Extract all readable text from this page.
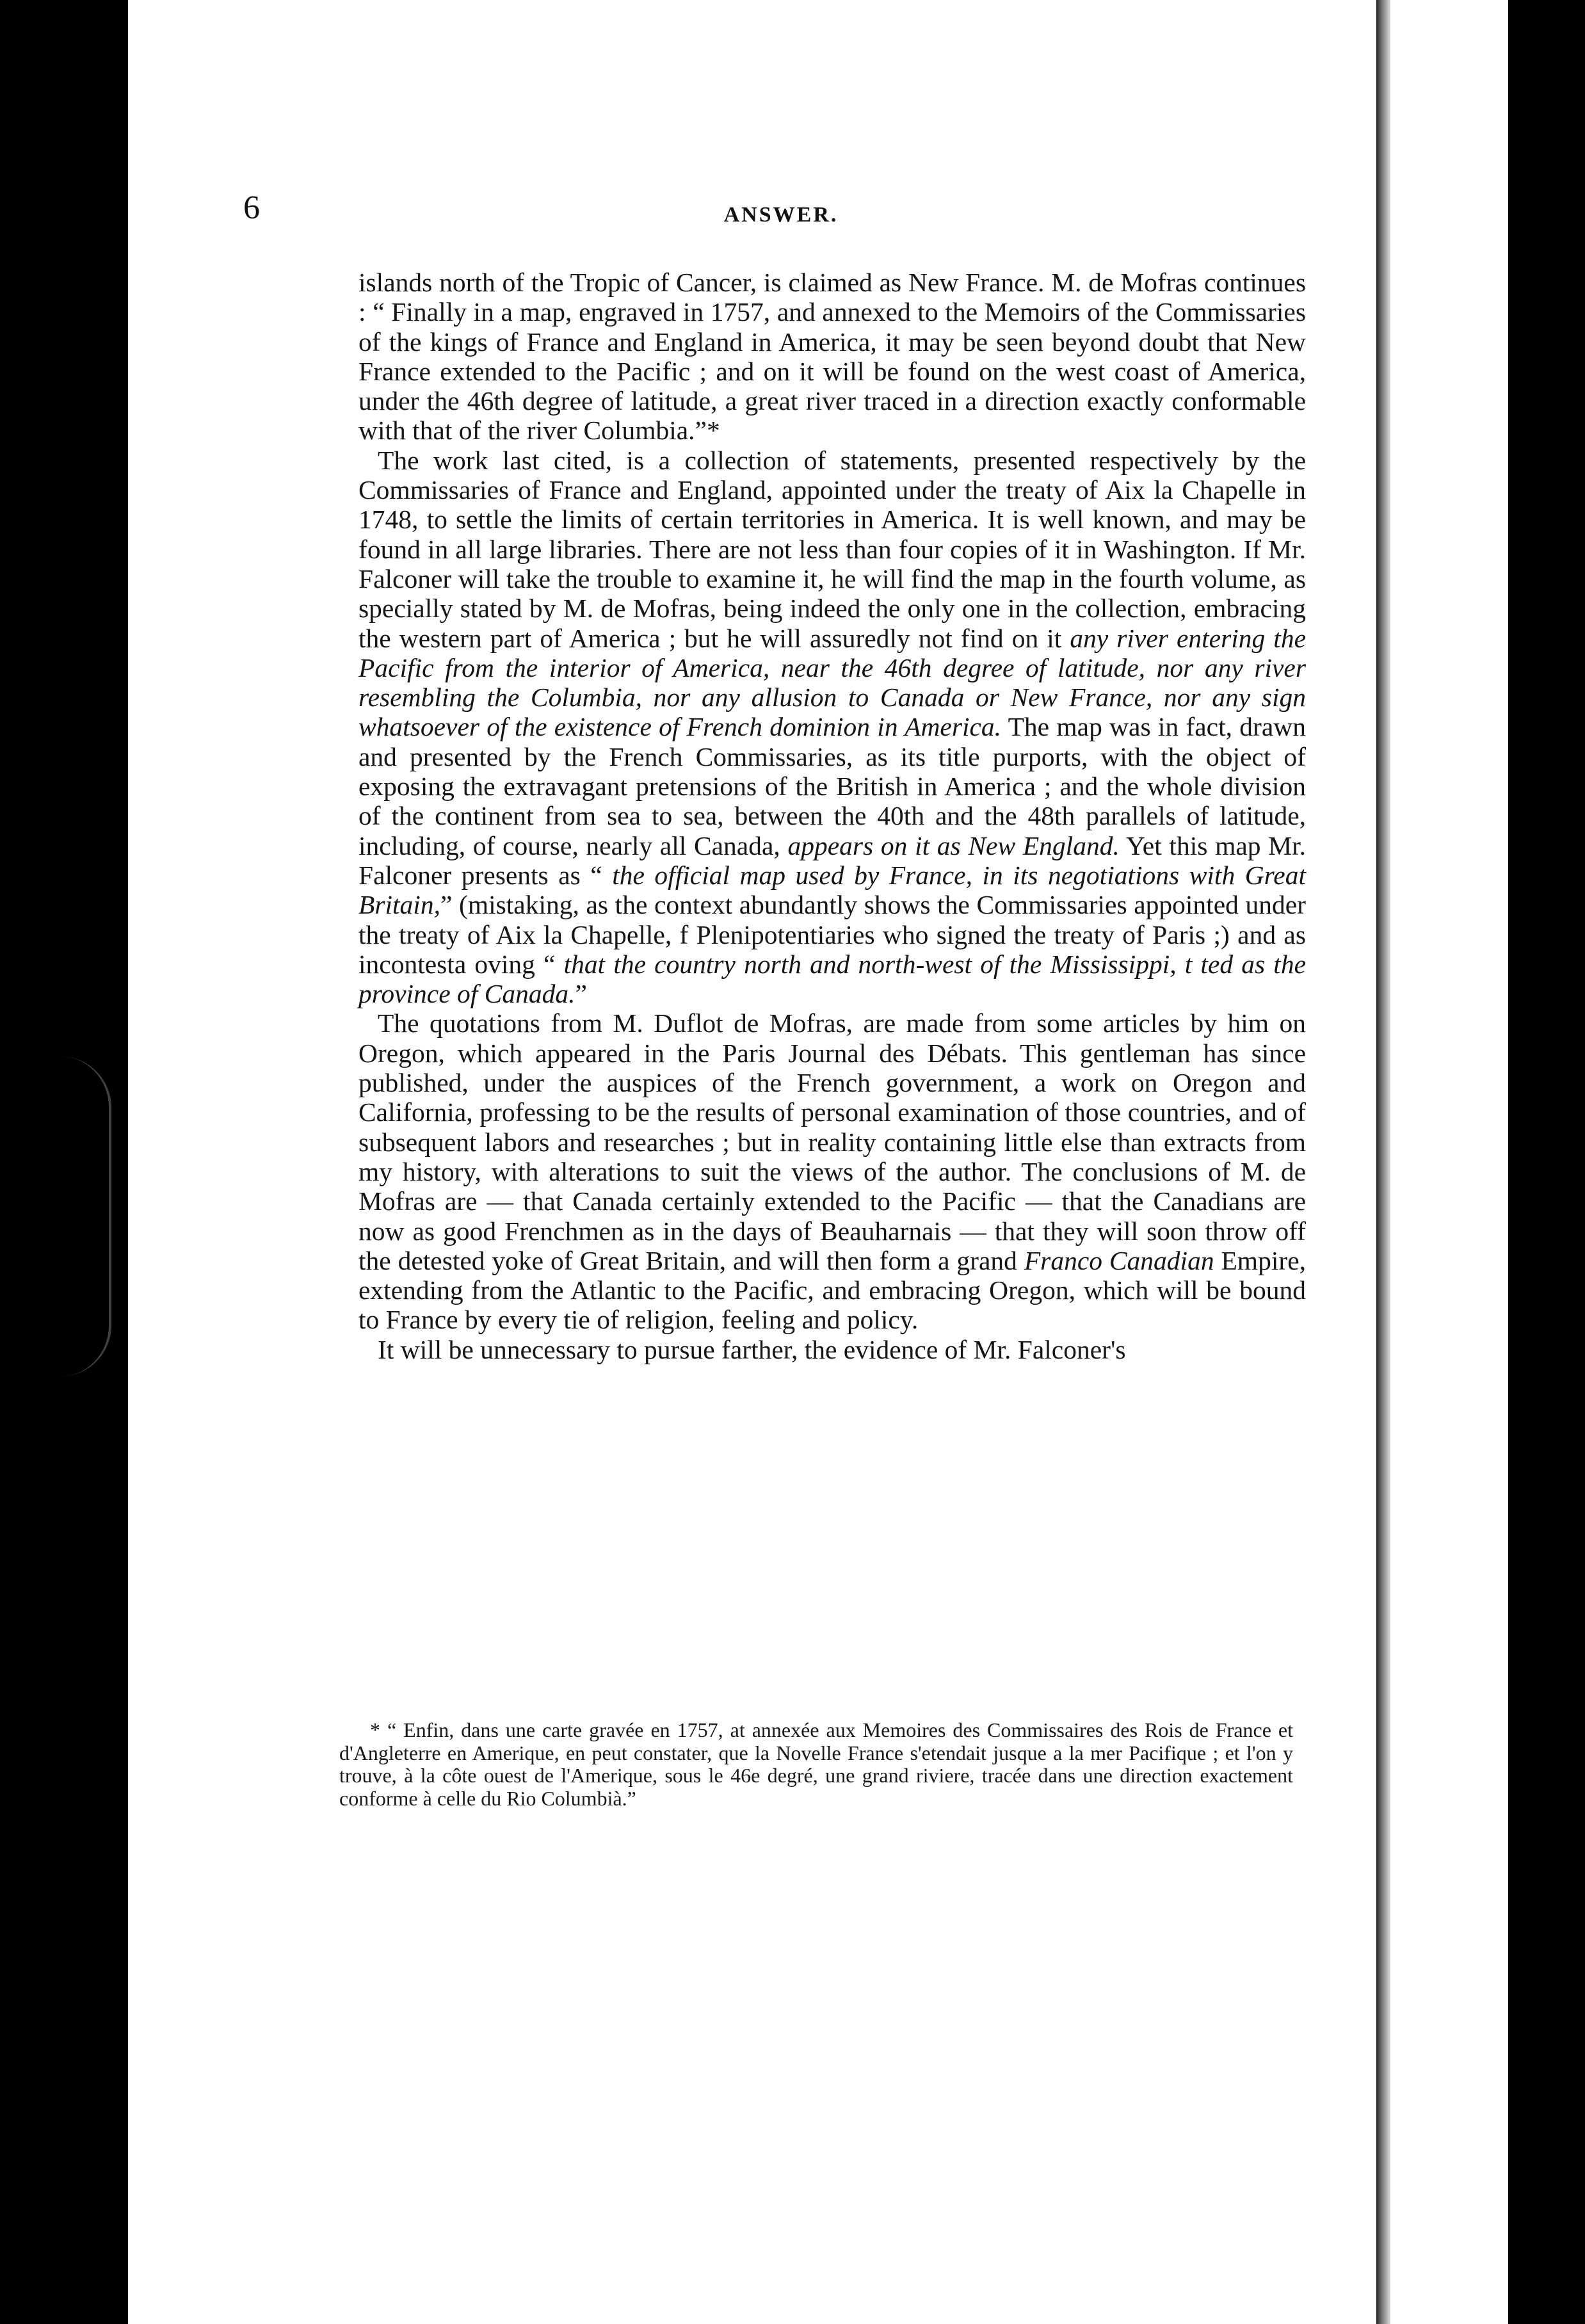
6	ANSWER.

islands north of the Tropic of Cancer, is claimed as New France. M. de Mofras continues : “ Finally in a map, engraved in 1757, and annexed to the Memoirs of the Commissaries of the kings of France and England in America, it may be seen beyond doubt that New France extended to the Pacific ; and on it will be found on the west coast of America, under the 46th degree of latitude, a great river traced in a direction exactly conformable with that of the river Columbia.”*

The work last cited, is a collection of statements, presented respectively by the Commissaries of France and England, appointed under the treaty of Aix la Chapelle in 1748, to settle the limits of certain territories in America. It is well known, and may be found in all large libraries. There are not less than four copies of it in Washington. If Mr. Falconer will take the trouble to examine it, he will find the map in the fourth volume, as specially stated by M. de Mofras, being indeed the only one in the collection, embracing the western part of America ; but he will assuredly not find on it any river entering the Pacific from the interior of America, near the 46th degree of latitude, nor any river resembling the Columbia, nor any allusion to Canada or New France, nor any sign whatsoever of the existence of French dominion in America. The map was in fact, drawn and presented by the French Commissaries, as its title purports, with the object of exposing the extravagant pretensions of the British in America ; and the whole division of the continent from sea to sea, between the 40th and the 48th parallels of latitude, including, of course, nearly all Canada, appears on it as New England. Yet this map Mr. Falconer presents as “ the official map used by France, in its negotiations with Great Britain,” (mistaking, as the context abundantly shows the Commissaries appointed under the treaty of Aix la Chapelle, f Plenipotentiaries who signed the treaty of Paris ;) and as incontesta oving “ that the country north and north-west of the Mississippi, t ted as the province of Canada.”

The quotations from M. Duflot de Mofras, are made from some articles by him on Oregon, which appeared in the Paris Journal des Débats. This gentleman has since published, under the auspices of the French government, a work on Oregon and California, professing to be the results of personal examination of those countries, and of subsequent labors and researches ; but in reality containing little else than extracts from my history, with alterations to suit the views of the author. The conclusions of M. de Mofras are — that Canada certainly extended to the Pacific — that the Canadians are now as good Frenchmen as in the days of Beauharnais — that they will soon throw off the detested yoke of Great Britain, and will then form a grand Franco Canadian Empire, extending from the Atlantic to the Pacific, and embracing Oregon, which will be bound to France by every tie of religion, feeling and policy.

It will be unnecessary to pursue farther, the evidence of Mr. Falconer's

* “ Enfin, dans une carte gravée en 1757, at annexée aux Memoires des Commissaires des Rois de France et d'Angleterre en Amerique, en peut constater, que la Novelle France s'etendait jusque a la mer Pacifique ; et l'on y trouve, à la côte ouest de l'Amerique, sous le 46e degré, une grand riviere, tracée dans une direction exactement conforme à celle du Rio Columbià.”
